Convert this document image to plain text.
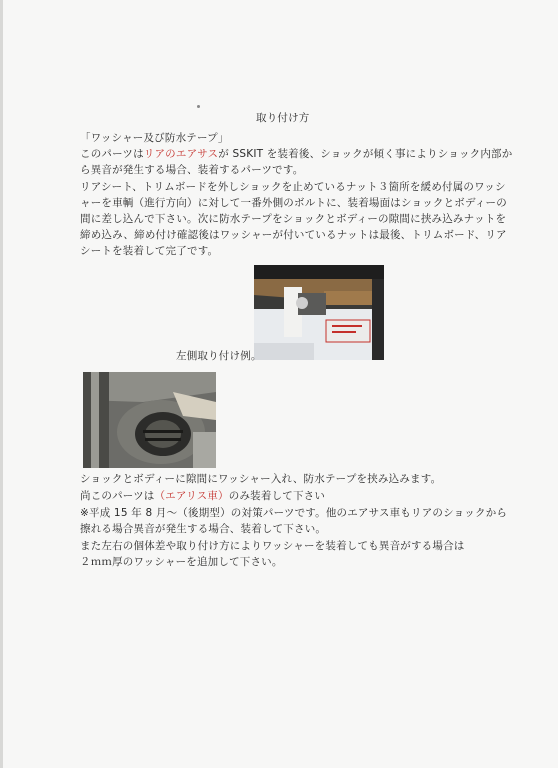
取り付け方
「ワッシャー及び防水テープ」
このパーツはリアのエアサスが SSKIT を装着後、ショックが傾く事によりショック内部か
ら異音が発生する場合、装着するパーツです。
リアシート、トリムボードを外しショックを止めているナット３箇所を緩め付属のワッシ
ャーを車輌（進行方向）に対して一番外側のボルトに、装着場面はショックとボディーの
間に差し込んで下さい。次に防水テープをショックとボディーの隙間に挟み込みナットを
締め込み、締め付け確認後はワッシャーが付いているナットは最後、トリムボード、リア
シートを装着して完了です。
左側取り付け例。
ショックとボディーに隙間にワッシャー入れ、防水テープを挟み込みます。
尚このパーツは（エアリス車）のみ装着して下さい
※平成 15 年 8 月～（後期型）の対策パーツです。他のエアサス車もリアのショックから
擦れる場合異音が発生する場合、装着して下さい。
また左右の個体差や取り付け方によりワッシャーを装着しても異音がする場合は
２ｍｍ厚のワッシャーを追加して下さい。
